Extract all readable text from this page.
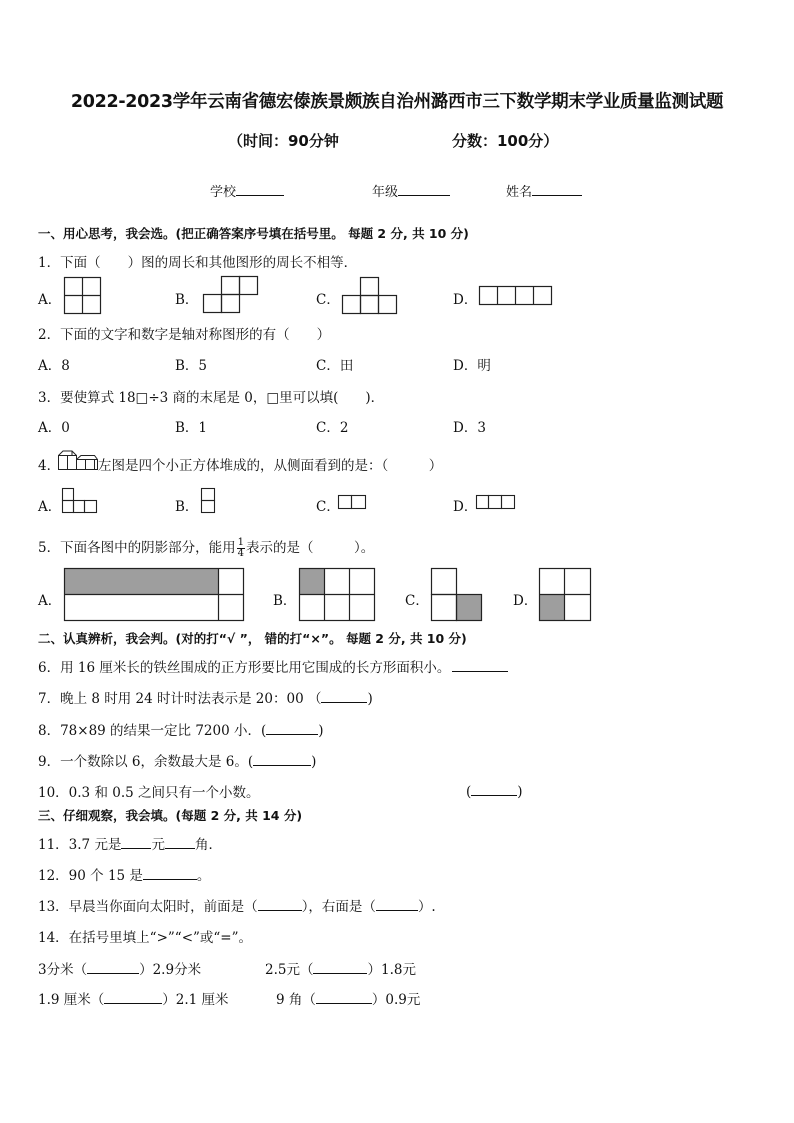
2022-2023学年云南省德宏傣族景颇族自治州潞西市三下数学期末学业质量监测试题
（时间：90分钟	分数：100分）
学校	年级	姓名
一、用心思考，我会选。(把正确答案序号填在括号里。 每题 2 分, 共 10 分)
1．下面（　　）图的周长和其他图形的周长不相等．
A．	B．	C．	D．
2．下面的文字和数字是轴对称图形的有（　　）
A．8	B．5	C．田	D．明
3．要使算式 18□÷3 商的末尾是 0，□里可以填(　　)．
A．0	B．1	C．2	D．3
4．	左图是四个小正方体堆成的，从侧面看到的是：（　　　）
A．	B．	C．	D．
5．下面各图中的阴影部分，能用 $\frac{1}{4}$ 表示的是（　　　）。
A．	B．	C．	D．
二、认真辨析，我会判。(对的打“√ ”， 错的打“×”。 每题 2 分, 共 10 分)
6．用 16 厘米长的铁丝围成的正方形要比用它围成的长方形面积小。
7．晚上 8 时用 24 时计时法表示是 20：00 （	)
8．78×89 的结果一定比 7200 小．(	)
9．一个数除以 6，余数最大是 6。(	)
10．0.3 和 0.5 之间只有一个小数。	(	)
三、仔细观察，我会填。(每题 2 分, 共 14 分)
11．3.7 元是 元 角．
12．90 个 15 是	。
13．早晨当你面向太阳时，前面是（	），右面是（	）.
14．在括号里填上“>”“<”或“=”。
3分米（	）2.9分米	2.5元（	）1.8元
1.9 厘米（	）2.1 厘米	9 角（	）0.9元
